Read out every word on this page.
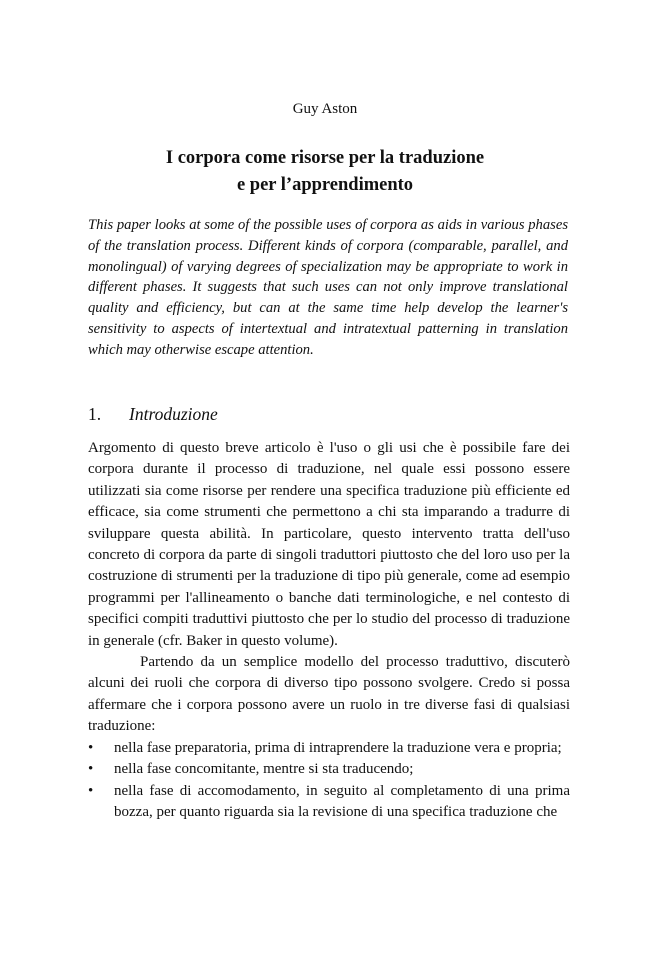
Guy Aston
I corpora come risorse per la traduzione
e per l’apprendimento
This paper looks at some of the possible uses of corpora as aids in various phases of the translation process. Different kinds of corpora (comparable, parallel, and monolingual) of varying degrees of specialization may be appropriate to work in different phases. It suggests that such uses can not only improve translational quality and efficiency, but can at the same time help develop the learner's sensitivity to aspects of intertextual and intratextual patterning in translation which may otherwise escape attention.
1. Introduzione

Argomento di questo breve articolo è l'uso o gli usi che è possibile fare dei corpora durante il processo di traduzione, nel quale essi possono essere utilizzati sia come risorse per rendere una specifica traduzione più efficiente ed efficace, sia come strumenti che permettono a chi sta imparando a tradurre di sviluppare questa abilità. In particolare, questo intervento tratta dell'uso concreto di corpora da parte di singoli traduttori piuttosto che del loro uso per la costruzione di strumenti per la traduzione di tipo più generale, come ad esempio programmi per l'allineamento o banche dati terminologiche, e nel contesto di specifici compiti traduttivi piuttosto che per lo studio del processo di traduzione in generale (cfr. Baker in questo volume).

Partendo da un semplice modello del processo traduttivo, discuterò alcuni dei ruoli che corpora di diverso tipo possono svolgere. Credo si possa affermare che i corpora possono avere un ruolo in tre diverse fasi di qualsiasi traduzione:

• nella fase preparatoria, prima di intraprendere la traduzione vera e propria;
• nella fase concomitante, mentre si sta traducendo;
• nella fase di accomodamento, in seguito al completamento di una prima bozza, per quanto riguarda sia la revisione di una specifica traduzione che
